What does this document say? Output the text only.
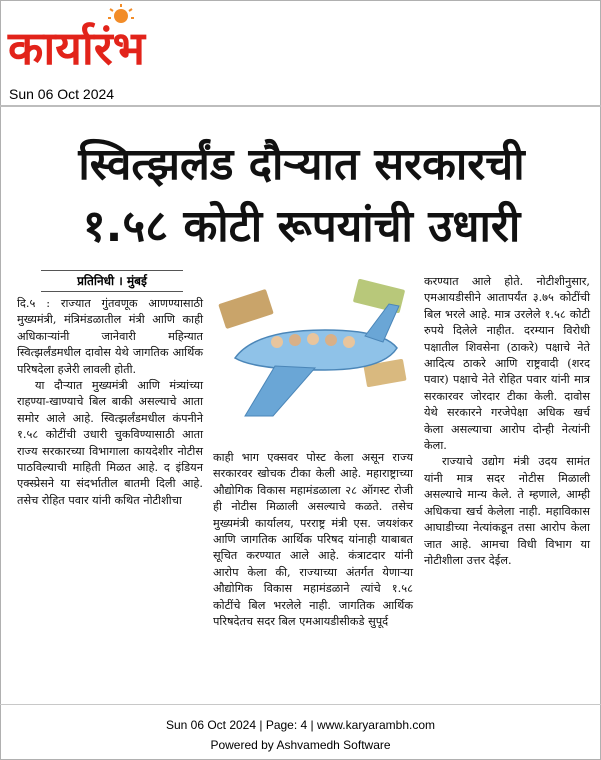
कार्यारंभ
Sun 06 Oct 2024
स्वित्झर्लंड दौऱ्यात सरकारची
१.५८ कोटी रूपयांची उधारी
प्रतिनिधी । मुंबई

दि.५ : राज्यात गुंतवणूक आणण्यासाठी मुख्यमंत्री, मंत्रिमंडळातील मंत्री आणि काही अधिकाऱ्यांनी जानेवारी महिन्यात स्वित्झर्लंडमधील दावोस येथे जागतिक आर्थिक परिषदेला हजेरी लावली होती.

या दौऱ्यात मुख्यमंत्री आणि मंत्र्यांच्या राहण्या-खाण्याचे बिल बाकी असल्याचे आता समोर आले आहे. स्वित्झर्लंडमधील कंपनीने १.५८ कोटींची उधारी चुकविण्यासाठी आता राज्य सरकारच्या विभागाला कायदेशीर नोटीस पाठविल्याची माहिती मिळत आहे. द इंडियन एक्स्प्रेसने या संदर्भातील बातमी दिली आहे. तसेच रोहित पवार यांनी कथित नोटीशीचा

काही भाग एक्सवर पोस्ट केला असून राज्य सरकारवर खोचक टीका केली आहे. महाराष्ट्राच्या औद्योगिक विकास महामंडळाला २८ ऑगस्ट रोजी ही नोटीस मिळाली असल्याचे कळते. तसेच मुख्यमंत्री कार्यालय, परराष्ट्र मंत्री एस. जयशंकर आणि जागतिक आर्थिक परिषद यांनाही याबाबत सूचित करण्यात आले आहे. कंत्राटदार यांनी आरोप केला की, राज्याच्या अंतर्गत येणाऱ्या औद्योगिक विकास महामंडळाने त्यांचे १.५८ कोटींचे बिल भरलेले नाही. जागतिक आर्थिक परिषदेतच सदर बिल एमआयडीसीकडे सुपूर्द

करण्यात आले होते. नोटीशीनुसार, एमआयडीसीने आतापर्यंत ३.७५ कोटींची बिल भरले आहे. मात्र उरलेले १.५८ कोटी रुपये दिलेले नाहीत. दरम्यान विरोधी पक्षातील शिवसेना (ठाकरे) पक्षाचे नेते आदित्य ठाकरे आणि राष्ट्रवादी (शरद पवार) पक्षाचे नेते रोहित पवार यांनी मात्र सरकारवर जोरदार टीका केली. दावोस येथे सरकारने गरजेपेक्षा अधिक खर्च केला असल्याचा आरोप दोन्ही नेत्यांनी केला.

राज्याचे उद्योग मंत्री उदय सामंत यांनी मात्र सदर नोटीस मिळाली असल्याचे मान्य केले. ते म्हणाले, आम्ही अधिकचा खर्च केलेला नाही. महाविकास आघाडीच्या नेत्यांकडून तसा आरोप केला जात आहे. आमचा विधी विभाग या नोटीशीला उत्तर देईल.

Sun 06 Oct 2024 | Page: 4 | www.karyarambh.com
Powered by Ashvamedh Software
